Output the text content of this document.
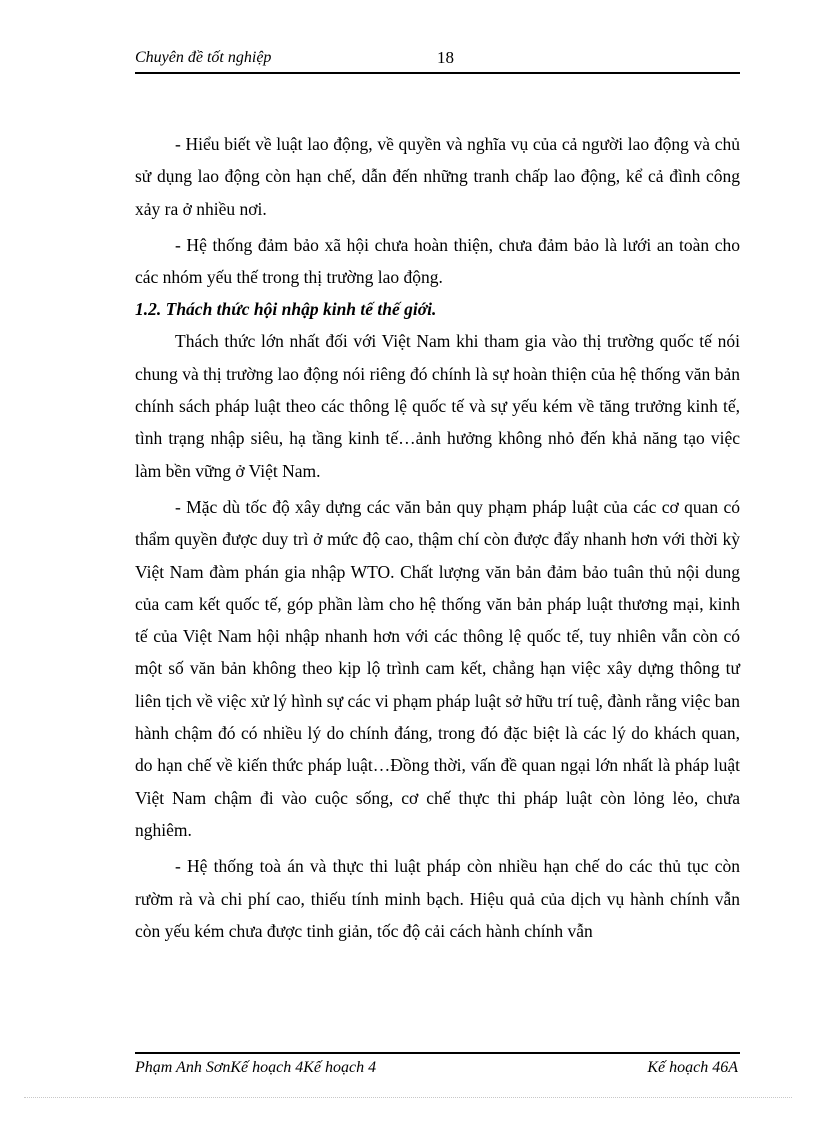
Chuyên đề tốt nghiệp	18

- Hiểu biết về luật lao động, về quyền và nghĩa vụ của cả người lao động và chủ sử dụng lao động còn hạn chế, dẫn đến những tranh chấp lao động, kể cả đình công xảy ra ở nhiều nơi.

- Hệ thống đảm bảo xã hội chưa hoàn thiện, chưa đảm bảo là lưới an toàn cho các nhóm yếu thế trong thị trường lao động.

1.2. Thách thức hội nhập kinh tế thế giới.

Thách thức lớn nhất đối với Việt Nam khi tham gia vào thị trường quốc tế nói chung và thị trường lao động nói riêng đó chính là sự hoàn thiện của hệ thống văn bản chính sách pháp luật theo các thông lệ quốc tế và sự yếu kém về tăng trưởng kinh tế, tình trạng nhập siêu, hạ tầng kinh tế…ảnh hưởng không nhỏ đến khả năng tạo việc làm bền vững ở Việt Nam.

- Mặc dù tốc độ xây dựng các văn bản quy phạm pháp luật của các cơ quan có thẩm quyền được duy trì ở mức độ cao, thậm chí còn được đẩy nhanh hơn với thời kỳ Việt Nam đàm phán gia nhập WTO. Chất lượng văn bản đảm bảo tuân thủ nội dung của cam kết quốc tế, góp phần làm cho hệ thống văn bản pháp luật thương mại, kinh tế của Việt Nam hội nhập nhanh hơn với các thông lệ quốc tế, tuy nhiên vẫn còn có một số văn bản không theo kịp lộ trình cam kết, chẳng hạn việc xây dựng thông tư liên tịch về việc xử lý hình sự các vi phạm pháp luật sở hữu trí tuệ, đành rằng việc ban hành chậm đó có nhiều lý do chính đáng, trong đó đặc biệt là các lý do khách quan, do hạn chế về kiến thức pháp luật…Đồng thời, vấn đề quan ngại lớn nhất là pháp luật Việt Nam chậm đi vào cuộc sống, cơ chế thực thi pháp luật còn lỏng lẻo, chưa nghiêm.

- Hệ thống toà án và thực thi luật pháp còn nhiều hạn chế do các thủ tục còn rườm rà và chi phí cao, thiếu tính minh bạch. Hiệu quả của dịch vụ hành chính vẫn còn yếu kém chưa được tinh giản, tốc độ cải cách hành chính vẫn

Phạm Anh SơnKế hoạch 4Kế hoạch 4	Kế hoạch 46A
